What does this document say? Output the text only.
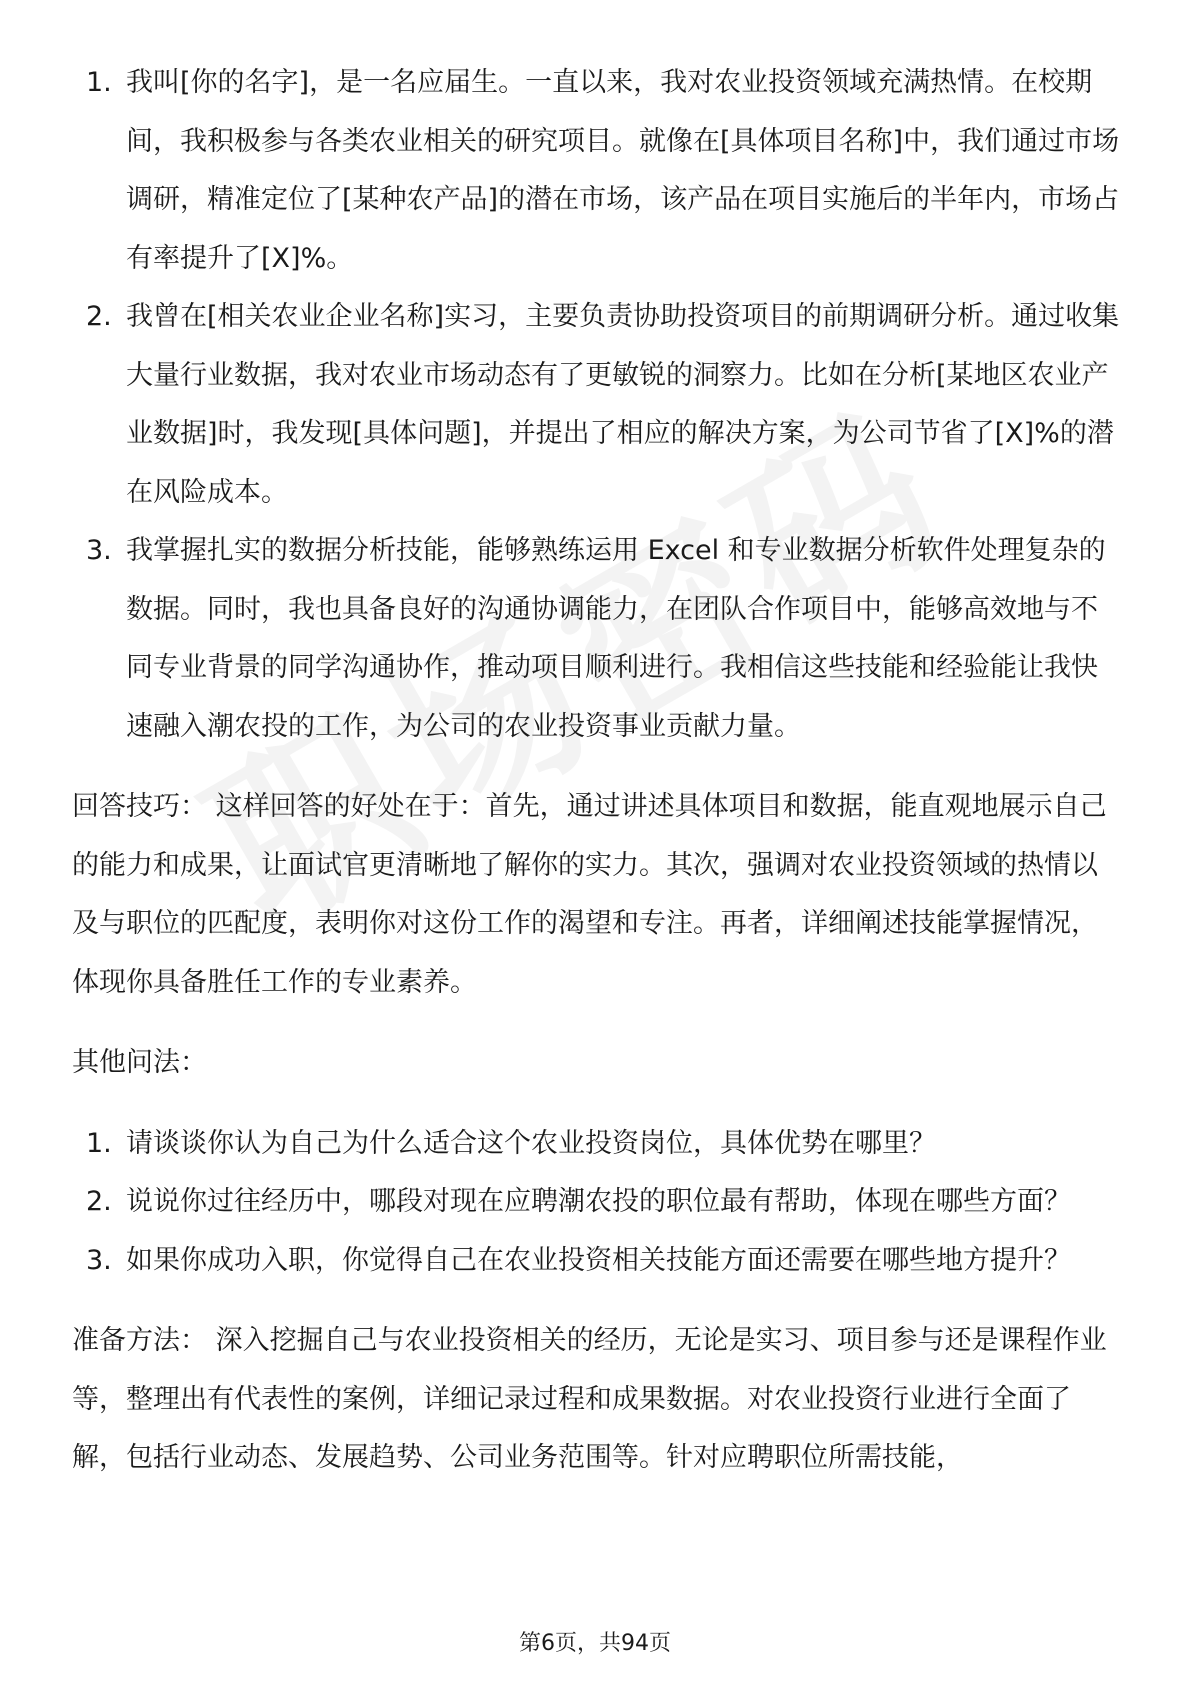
1. 我叫[你的名字]，是一名应届生。一直以来，我对农业投资领域充满热情。在校期间，我积极参与各类农业相关的研究项目。就像在[具体项目名称]中，我们通过市场调研，精准定位了[某种农产品]的潜在市场，该产品在项目实施后的半年内，市场占有率提升了[X]%。
2. 我曾在[相关农业企业名称]实习，主要负责协助投资项目的前期调研分析。通过收集大量行业数据，我对农业市场动态有了更敏锐的洞察力。比如在分析[某地区农业产业数据]时，我发现[具体问题]，并提出了相应的解决方案，为公司节省了[X]%的潜在风险成本。
3. 我掌握扎实的数据分析技能，能够熟练运用 Excel 和专业数据分析软件处理复杂的数据。同时，我也具备良好的沟通协调能力，在团队合作项目中，能够高效地与不同专业背景的同学沟通协作，推动项目顺利进行。我相信这些技能和经验能让我快速融入潮农投的工作，为公司的农业投资事业贡献力量。

回答技巧： 这样回答的好处在于：首先，通过讲述具体项目和数据，能直观地展示自己的能力和成果，让面试官更清晰地了解你的实力。其次，强调对农业投资领域的热情以及与职位的匹配度，表明你对这份工作的渴望和专注。再者，详细阐述技能掌握情况，体现你具备胜任工作的专业素养。

其他问法：

1. 请谈谈你认为自己为什么适合这个农业投资岗位，具体优势在哪里？
2. 说说你过往经历中，哪段对现在应聘潮农投的职位最有帮助，体现在哪些方面？
3. 如果你成功入职，你觉得自己在农业投资相关技能方面还需要在哪些地方提升？

准备方法： 深入挖掘自己与农业投资相关的经历，无论是实习、项目参与还是课程作业等，整理出有代表性的案例，详细记录过程和成果数据。对农业投资行业进行全面了解，包括行业动态、发展趋势、公司业务范围等。针对应聘职位所需技能，

第6页，共94页
